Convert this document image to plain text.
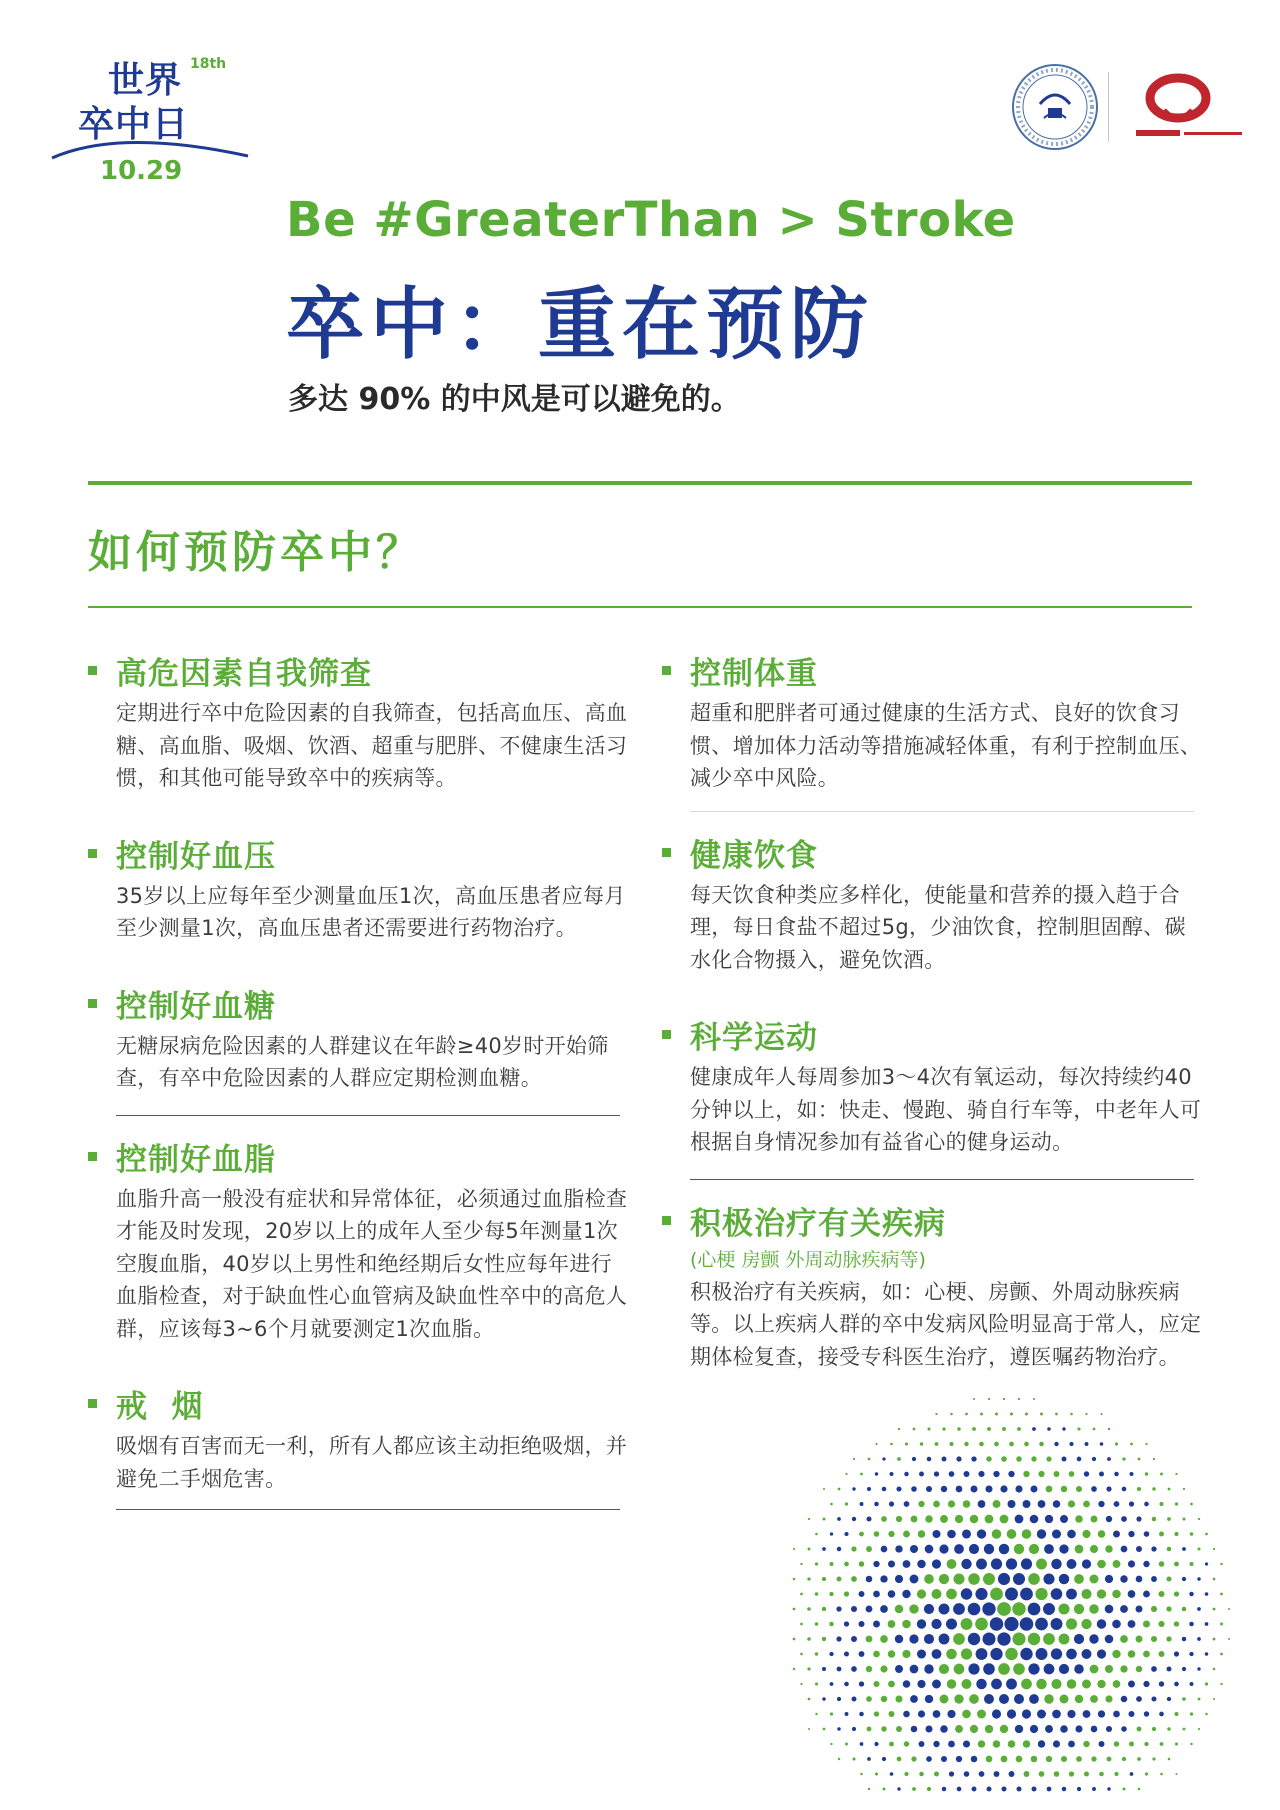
世界 18th
卒中日
10.29
Be #GreaterThan > Stroke
卒中：重在预防
多达 90% 的中风是可以避免的。
如何预防卒中？
高危因素自我筛查
定期进行卒中危险因素的自我筛查，包括高血压、高血糖、高血脂、吸烟、饮酒、超重与肥胖、不健康生活习惯，和其他可能导致卒中的疾病等。
控制好血压
35岁以上应每年至少测量血压1次，高血压患者应每月至少测量1次，高血压患者还需要进行药物治疗。
控制好血糖
无糖尿病危险因素的人群建议在年龄≥40岁时开始筛查，有卒中危险因素的人群应定期检测血糖。
控制好血脂
血脂升高一般没有症状和异常体征，必须通过血脂检查才能及时发现，20岁以上的成年人至少每5年测量1次空腹血脂，40岁以上男性和绝经期后女性应每年进行血脂检查，对于缺血性心血管病及缺血性卒中的高危人群，应该每3~6个月就要测定1次血脂。
戒  烟
吸烟有百害而无一利，所有人都应该主动拒绝吸烟，并避免二手烟危害。
控制体重
超重和肥胖者可通过健康的生活方式、良好的饮食习惯、增加体力活动等措施减轻体重，有利于控制血压、减少卒中风险。
健康饮食
每天饮食种类应多样化，使能量和营养的摄入趋于合理，每日食盐不超过5g，少油饮食，控制胆固醇、碳水化合物摄入，避免饮酒。
科学运动
健康成年人每周参加3～4次有氧运动，每次持续约40分钟以上，如：快走、慢跑、骑自行车等，中老年人可根据自身情况参加有益省心的健身运动。
积极治疗有关疾病
(心梗 房颤 外周动脉疾病等)
积极治疗有关疾病，如：心梗、房颤、外周动脉疾病等。以上疾病人群的卒中发病风险明显高于常人，应定期体检复查，接受专科医生治疗，遵医嘱药物治疗。
